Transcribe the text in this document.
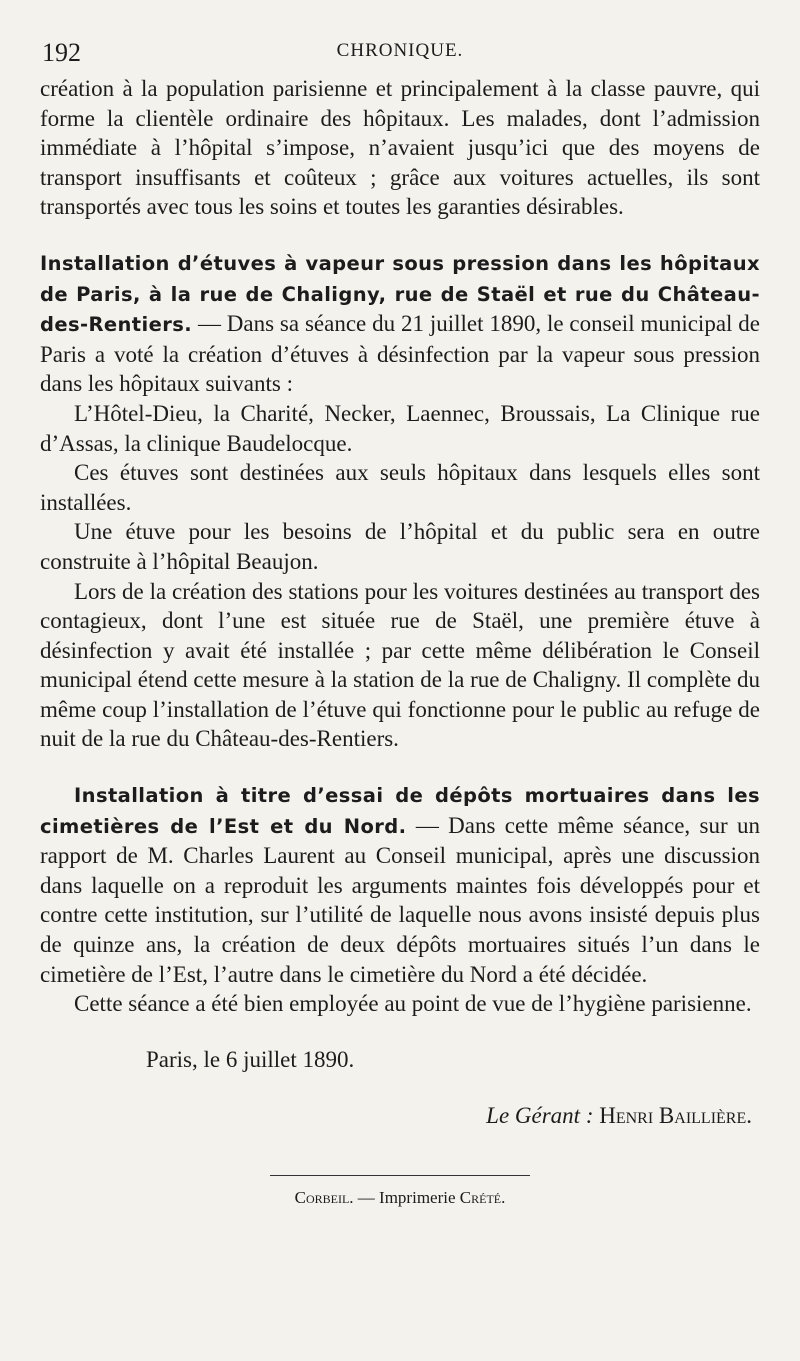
192	CHRONIQUE.

création à la population parisienne et principalement à la classe pauvre, qui forme la clientèle ordinaire des hôpitaux. Les malades, dont l’admission immédiate à l’hôpital s’impose, n’avaient jusqu’ici que des moyens de transport insuffisants et coûteux ; grâce aux voitures actuelles, ils sont transportés avec tous les soins et toutes les garanties désirables.

Installation d’étuves à vapeur sous pression dans les hôpitaux de Paris, à la rue de Chaligny, rue de Staël et rue du Château-des-Rentiers. — Dans sa séance du 21 juillet 1890, le conseil municipal de Paris a voté la création d’étuves à désinfection par la vapeur sous pression dans les hôpitaux suivants :

L’Hôtel-Dieu, la Charité, Necker, Laennec, Broussais, La Clinique rue d’Assas, la clinique Baudelocque.

Ces étuves sont destinées aux seuls hôpitaux dans lesquels elles sont installées.

Une étuve pour les besoins de l’hôpital et du public sera en outre construite à l’hôpital Beaujon.

Lors de la création des stations pour les voitures destinées au transport des contagieux, dont l’une est située rue de Staël, une première étuve à désinfection y avait été installée ; par cette même délibération le Conseil municipal étend cette mesure à la station de la rue de Chaligny. Il complète du même coup l’installation de l’étuve qui fonctionne pour le public au refuge de nuit de la rue du Château-des-Rentiers.

Installation à titre d’essai de dépôts mortuaires dans les cimetières de l’Est et du Nord. — Dans cette même séance, sur un rapport de M. Charles Laurent au Conseil municipal, après une discussion dans laquelle on a reproduit les arguments maintes fois développés pour et contre cette institution, sur l’utilité de laquelle nous avons insisté depuis plus de quinze ans, la création de deux dépôts mortuaires situés l’un dans le cimetière de l’Est, l’autre dans le cimetière du Nord a été décidée.

Cette séance a été bien employée au point de vue de l’hygiène parisienne.

Paris, le 6 juillet 1890.
Le Gérant : Henri Baillière.
Corbeil. — Imprimerie Crété.
